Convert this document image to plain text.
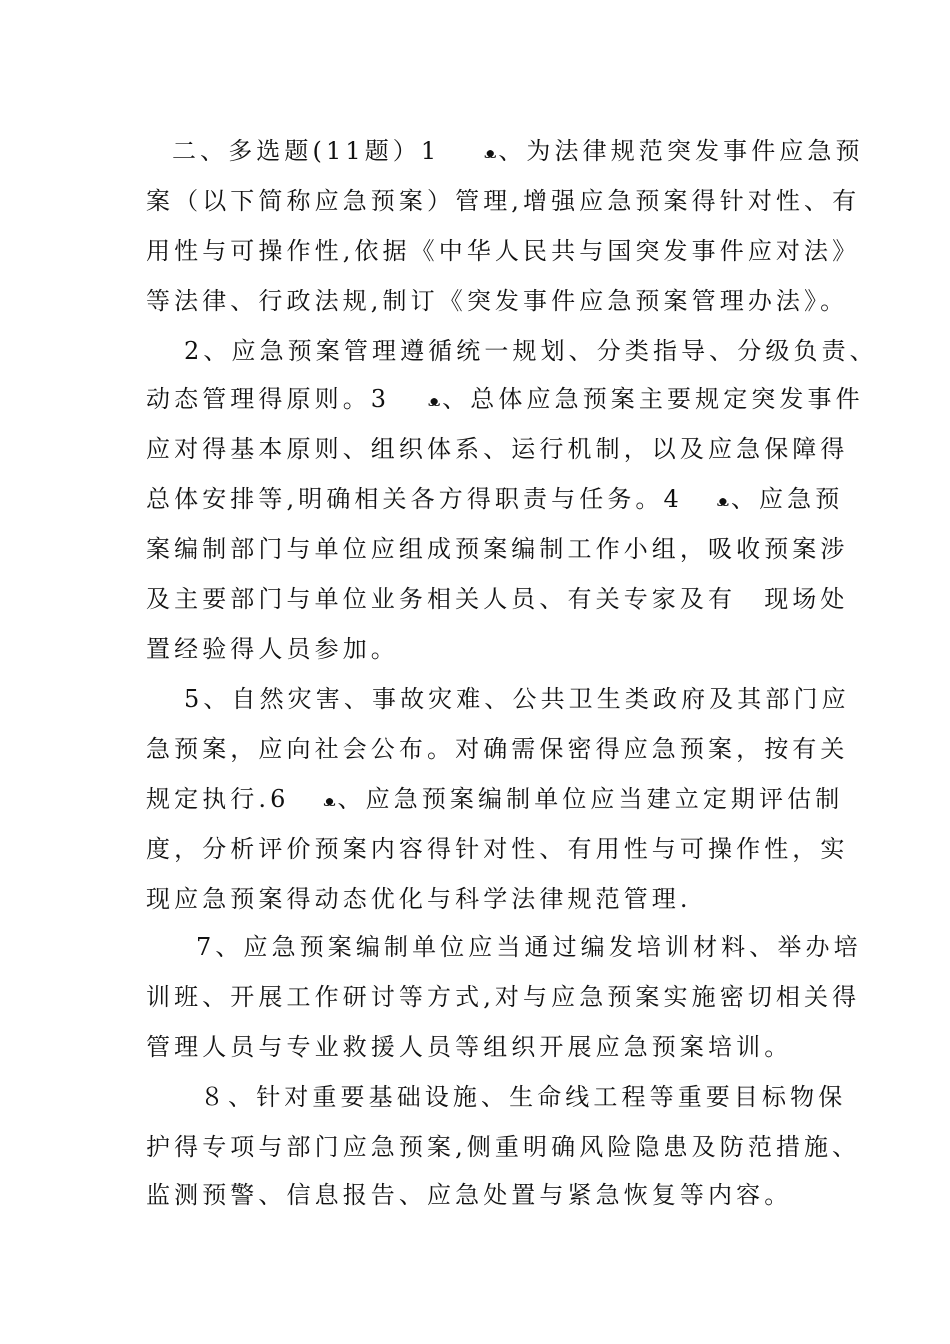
二、多选题(11题）1	ᴥ、为法律规范突发事件应急预
案（以下简称应急预案）管理,增强应急预案得针对性、有
用性与可操作性,依据《中华人民共与国突发事件应对法》
等法律、行政法规,制订《突发事件应急预案管理办法》。
2、应急预案管理遵循统一规划、分类指导、分级负责、
动态管理得原则。3	ᴥ、总体应急预案主要规定突发事件
应对得基本原则、组织体系、运行机制，以及应急保障得
总体安排等,明确相关各方得职责与任务。4 ᴥ、应急预
案编制部门与单位应组成预案编制工作小组，吸收预案涉
及主要部门与单位业务相关人员、有关专家及有　现场处
置经验得人员参加。
5、自然灾害、事故灾难、公共卫生类政府及其部门应
急预案，应向社会公布。对确需保密得应急预案，按有关
规定执行.6 ᴥ、应急预案编制单位应当建立定期评估制
度，分析评价预案内容得针对性、有用性与可操作性，实
现应急预案得动态优化与科学法律规范管理.
7、应急预案编制单位应当通过编发培训材料、举办培
训班、开展工作研讨等方式,对与应急预案实施密切相关得
管理人员与专业救援人员等组织开展应急预案培训。
８、针对重要基础设施、生命线工程等重要目标物保
护得专项与部门应急预案,侧重明确风险隐患及防范措施、
监测预警、信息报告、应急处置与紧急恢复等内容。
